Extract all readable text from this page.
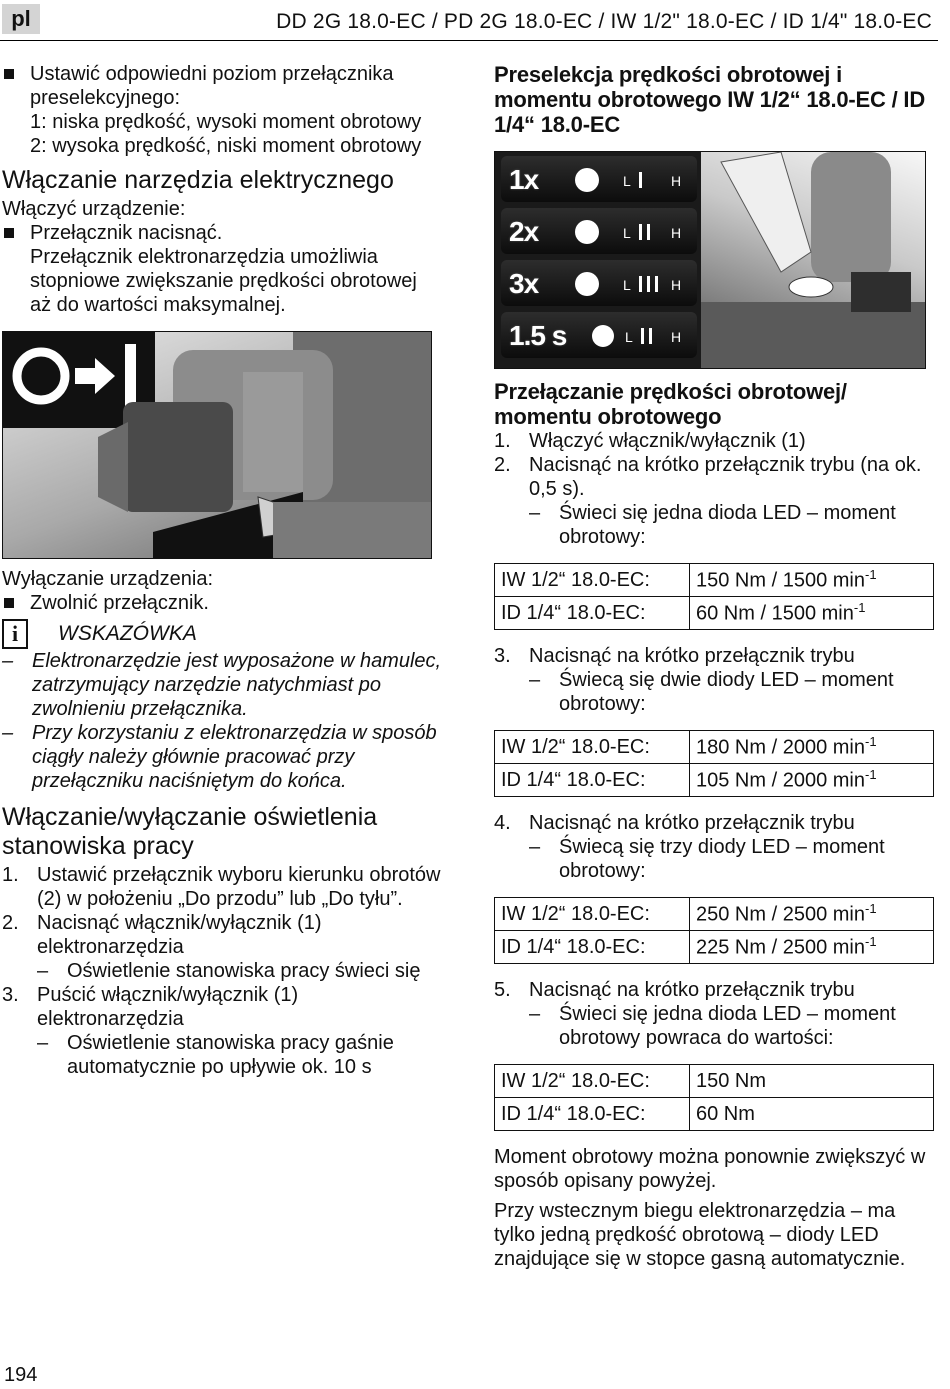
pl	DD 2G 18.0-EC / PD 2G 18.0-EC / IW 1/2" 18.0-EC / ID 1/4" 18.0-EC
Ustawić odpowiedni poziom przełącznika preselekcyjnego:
1: niska prędkość, wysoki moment obrotowy
2: wysoka prędkość, niski moment obrotowy
Włączanie narzędzia elektrycznego
Włączyć urządzenie:
Przełącznik nacisnąć.
Przełącznik elektronarzędzia umożliwia stopniowe zwiększanie prędkości obrotowej aż do wartości maksymalnej.
Wyłączanie urządzenia:
Zwolnić przełącznik.
i	WSKAZÓWKA
– Elektronarzędzie jest wyposażone w hamulec, zatrzymujący narzędzie natychmiast po zwolnieniu przełącznika.
– Przy korzystaniu z elektronarzędzia w sposób ciągły należy głównie pracować przy przełączniku naciśniętym do końca.
Włączanie/wyłączanie oświetlenia stanowiska pracy
1. Ustawić przełącznik wyboru kierunku obrotów (2) w położeniu „Do przodu” lub „Do tyłu”.
2. Nacisnąć włącznik/wyłącznik (1) elektronarzędzia
– Oświetlenie stanowiska pracy świeci się
3. Puścić włącznik/wyłącznik (1) elektronarzędzia
– Oświetlenie stanowiska pracy gaśnie automatycznie po upływie ok. 10 s
Preselekcja prędkości obrotowej i momentu obrotowego IW 1/2“ 18.0-EC / ID 1/4“ 18.0-EC
1x	L	H
2x	L	H
3x	L	H
1.5 s	L	H
Przełączanie prędkości obrotowej/ momentu obrotowego
1. Włączyć włącznik/wyłącznik (1)
2. Nacisnąć na krótko przełącznik trybu (na ok. 0,5 s).
– Świeci się jedna dioda LED – moment obrotowy:
IW 1/2“ 18.0-EC:	150 Nm / 1500 $\min^{-1}$
ID 1/4“ 18.0-EC:	60 Nm / 1500 $\min^{-1}$
3. Nacisnąć na krótko przełącznik trybu
– Świecą się dwie diody LED – moment obrotowy:
IW 1/2“ 18.0-EC:	180 Nm / 2000 $\min^{-1}$
ID 1/4“ 18.0-EC:	105 Nm / 2000 $\min^{-1}$
4. Nacisnąć na krótko przełącznik trybu
– Świecą się trzy diody LED – moment obrotowy:
IW 1/2“ 18.0-EC:	250 Nm / 2500 $\min^{-1}$
ID 1/4“ 18.0-EC:	225 Nm / 2500 $\min^{-1}$
5. Nacisnąć na krótko przełącznik trybu
– Świeci się jedna dioda LED – moment obrotowy powraca do wartości:
IW 1/2“ 18.0-EC:	150 Nm
ID 1/4“ 18.0-EC:	60 Nm
Moment obrotowy można ponownie zwiększyć w sposób opisany powyżej.
Przy wstecznym biegu elektronarzędzia – ma tylko jedną prędkość obrotową – diody LED znajdujące się w stopce gasną automatycznie.
194
